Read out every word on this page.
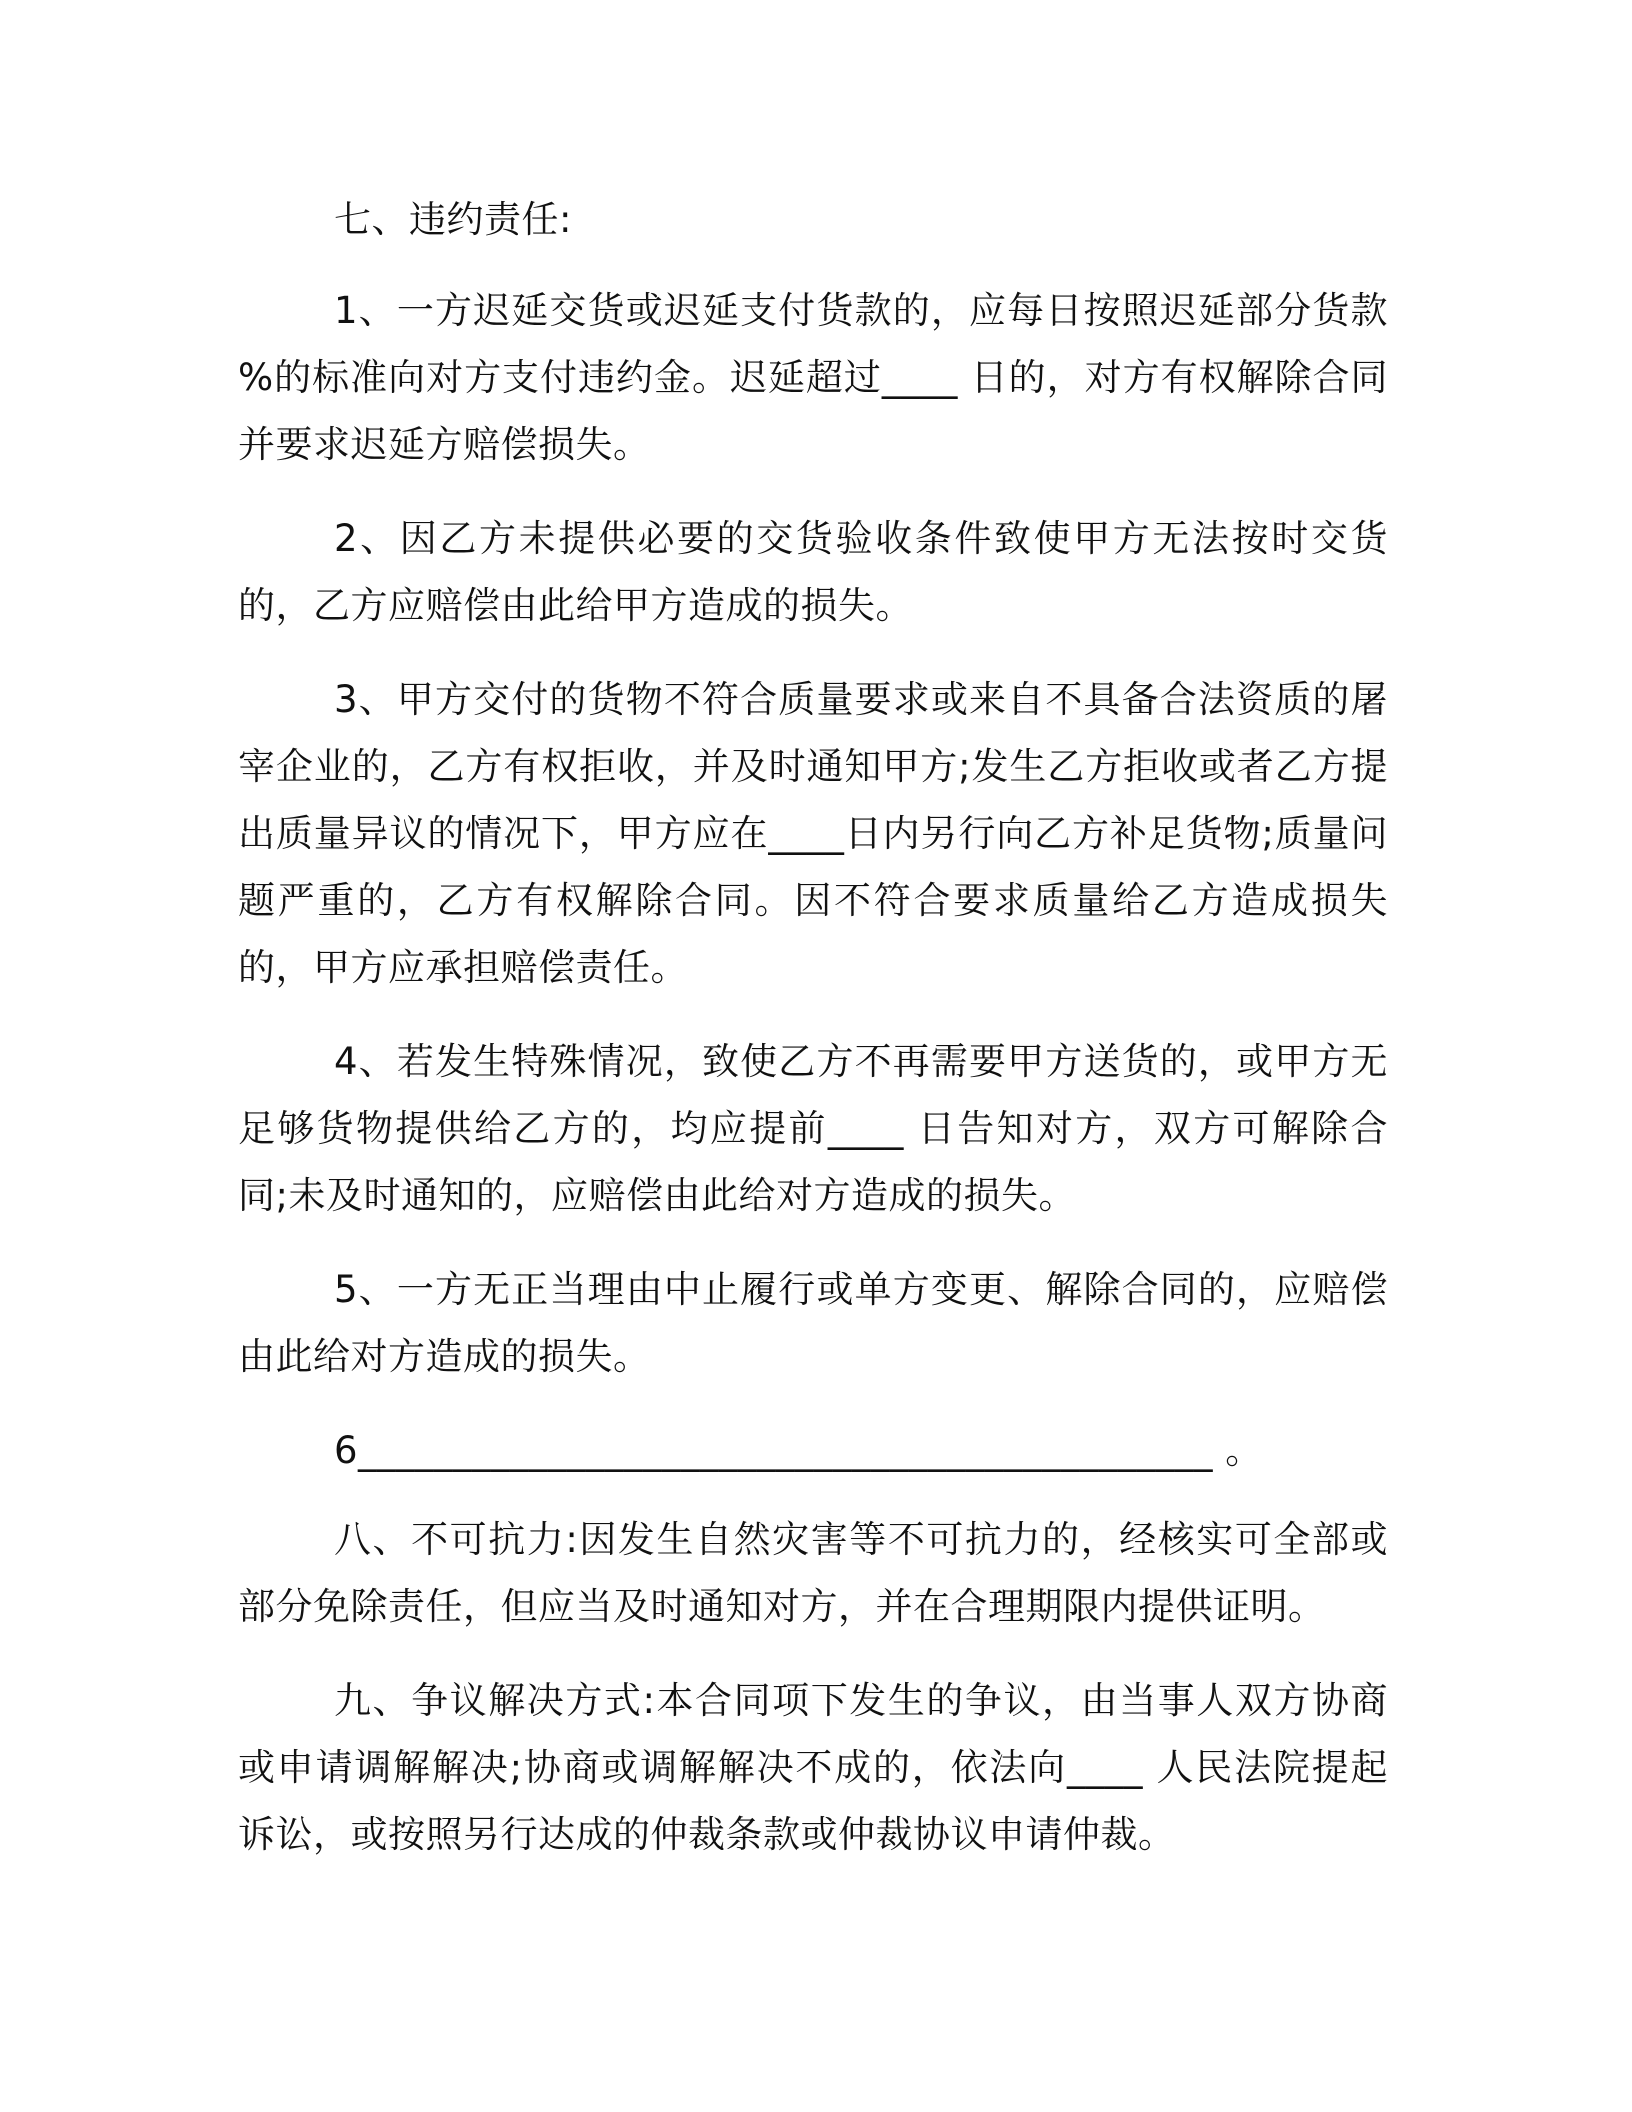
七、违约责任:

1、一方迟延交货或迟延支付货款的，应每日按照迟延部分货款 %的标准向对方支付违约金。迟延超过____ 日的，对方有权解除合同并要求迟延方赔偿损失。

2、因乙方未提供必要的交货验收条件致使甲方无法按时交货的，乙方应赔偿由此给甲方造成的损失。

3、甲方交付的货物不符合质量要求或来自不具备合法资质的屠宰企业的，乙方有权拒收，并及时通知甲方;发生乙方拒收或者乙方提出质量异议的情况下，甲方应在____日内另行向乙方补足货物;质量问题严重的，乙方有权解除合同。因不符合要求质量给乙方造成损失的，甲方应承担赔偿责任。

4、若发生特殊情况，致使乙方不再需要甲方送货的，或甲方无足够货物提供给乙方的，均应提前____ 日告知对方，双方可解除合同;未及时通知的，应赔偿由此给对方造成的损失。

5、一方无正当理由中止履行或单方变更、解除合同的，应赔偿由此给对方造成的损失。

6_____________________________________________ 。

八、不可抗力:因发生自然灾害等不可抗力的，经核实可全部或部分免除责任，但应当及时通知对方，并在合理期限内提供证明。

九、争议解决方式:本合同项下发生的争议，由当事人双方协商或申请调解解决;协商或调解解决不成的，依法向____ 人民法院提起诉讼，或按照另行达成的仲裁条款或仲裁协议申请仲裁。
